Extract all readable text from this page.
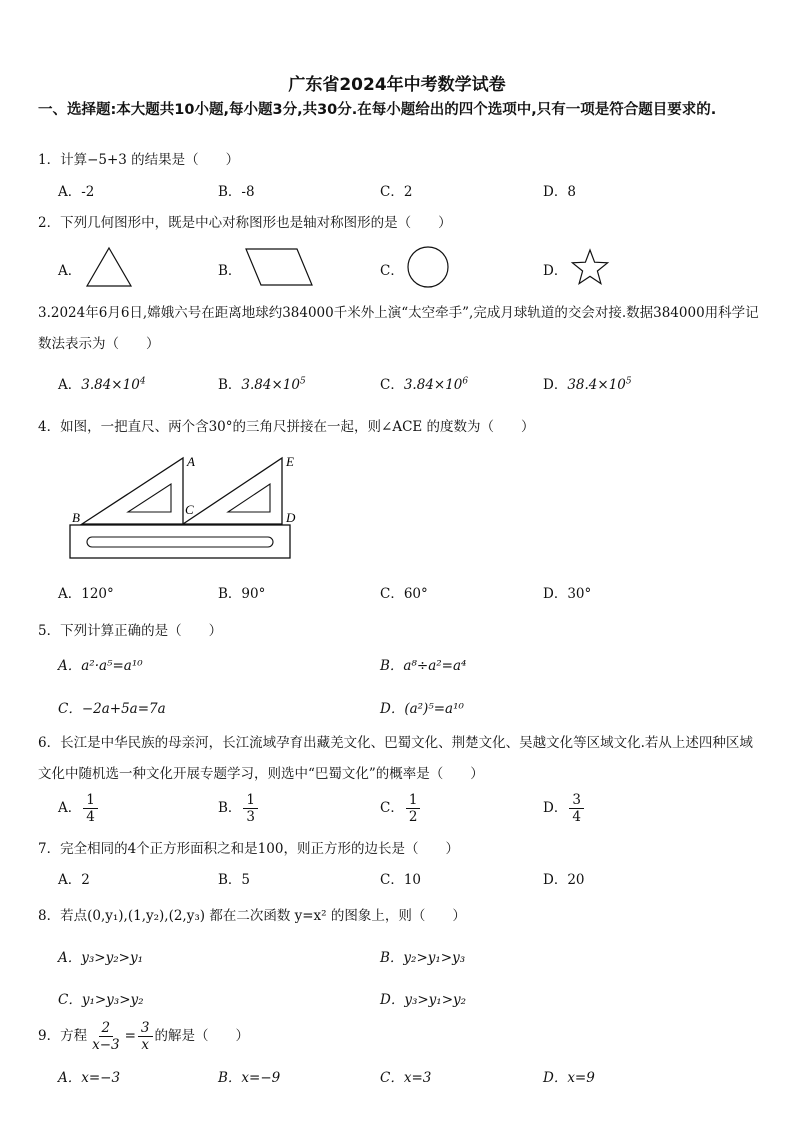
广东省2024年中考数学试卷
一、选择题:本大题共10小题,每小题3分,共30分.在每小题给出的四个选项中,只有一项是符合题目要求的.
1．计算−5+3 的结果是（　　）
A．-2	B．-8	C．2	D．8
2．下列几何图形中，既是中心对称图形也是轴对称图形的是（　　）
A．	B．	C．	D．
3.2024年6月6日,嫦娥六号在距离地球约384000千米外上演“太空牵手”,完成月球轨道的交会对接.数据384000用科学记数法表示为（　　）
A．$3.84\times 10^4$	B．$3.84\times 10^5$	C．$3.84\times 10^6$	D．$38.4\times 10^5$
4．如图，一把直尺、两个含30°的三角尺拼接在一起，则∠ACE 的度数为（　　）
A
B
C
D
E
A．120°	B．90°	C．60°	D．30°
5．下列计算正确的是（　　）
A．a²·a⁵=a¹⁰	B．a⁸÷a²=a⁴
C．−2a+5a=7a	D．(a²)⁵=a¹⁰
6．长江是中华民族的母亲河，长江流域孕育出藏羌文化、巴蜀文化、荆楚文化、吴越文化等区域文化.若从上述四种区域文化中随机选一种文化开展专题学习，则选中“巴蜀文化”的概率是（　　）
A． $\frac{1}{4}$	B． $\frac{1}{3}$	C． $\frac{1}{2}$	D． $\frac{3}{4}$
7．完全相同的4个正方形面积之和是100，则正方形的边长是（　　）
A．2	B．5	C．10	D．20
8．若点(0,y₁),(1,y₂),(2,y₃) 都在二次函数 y=x² 的图象上，则（　　）
A．y₃>y₂>y₁	B．y₂>y₁>y₃
C．y₁>y₃>y₂	D．y₃>y₁>y₂
9．方程 $\frac{2}{x-3} = \frac{3}{x}$ 的解是（　　）
A．x=−3	B．x=−9	C．x=3	D．x=9
